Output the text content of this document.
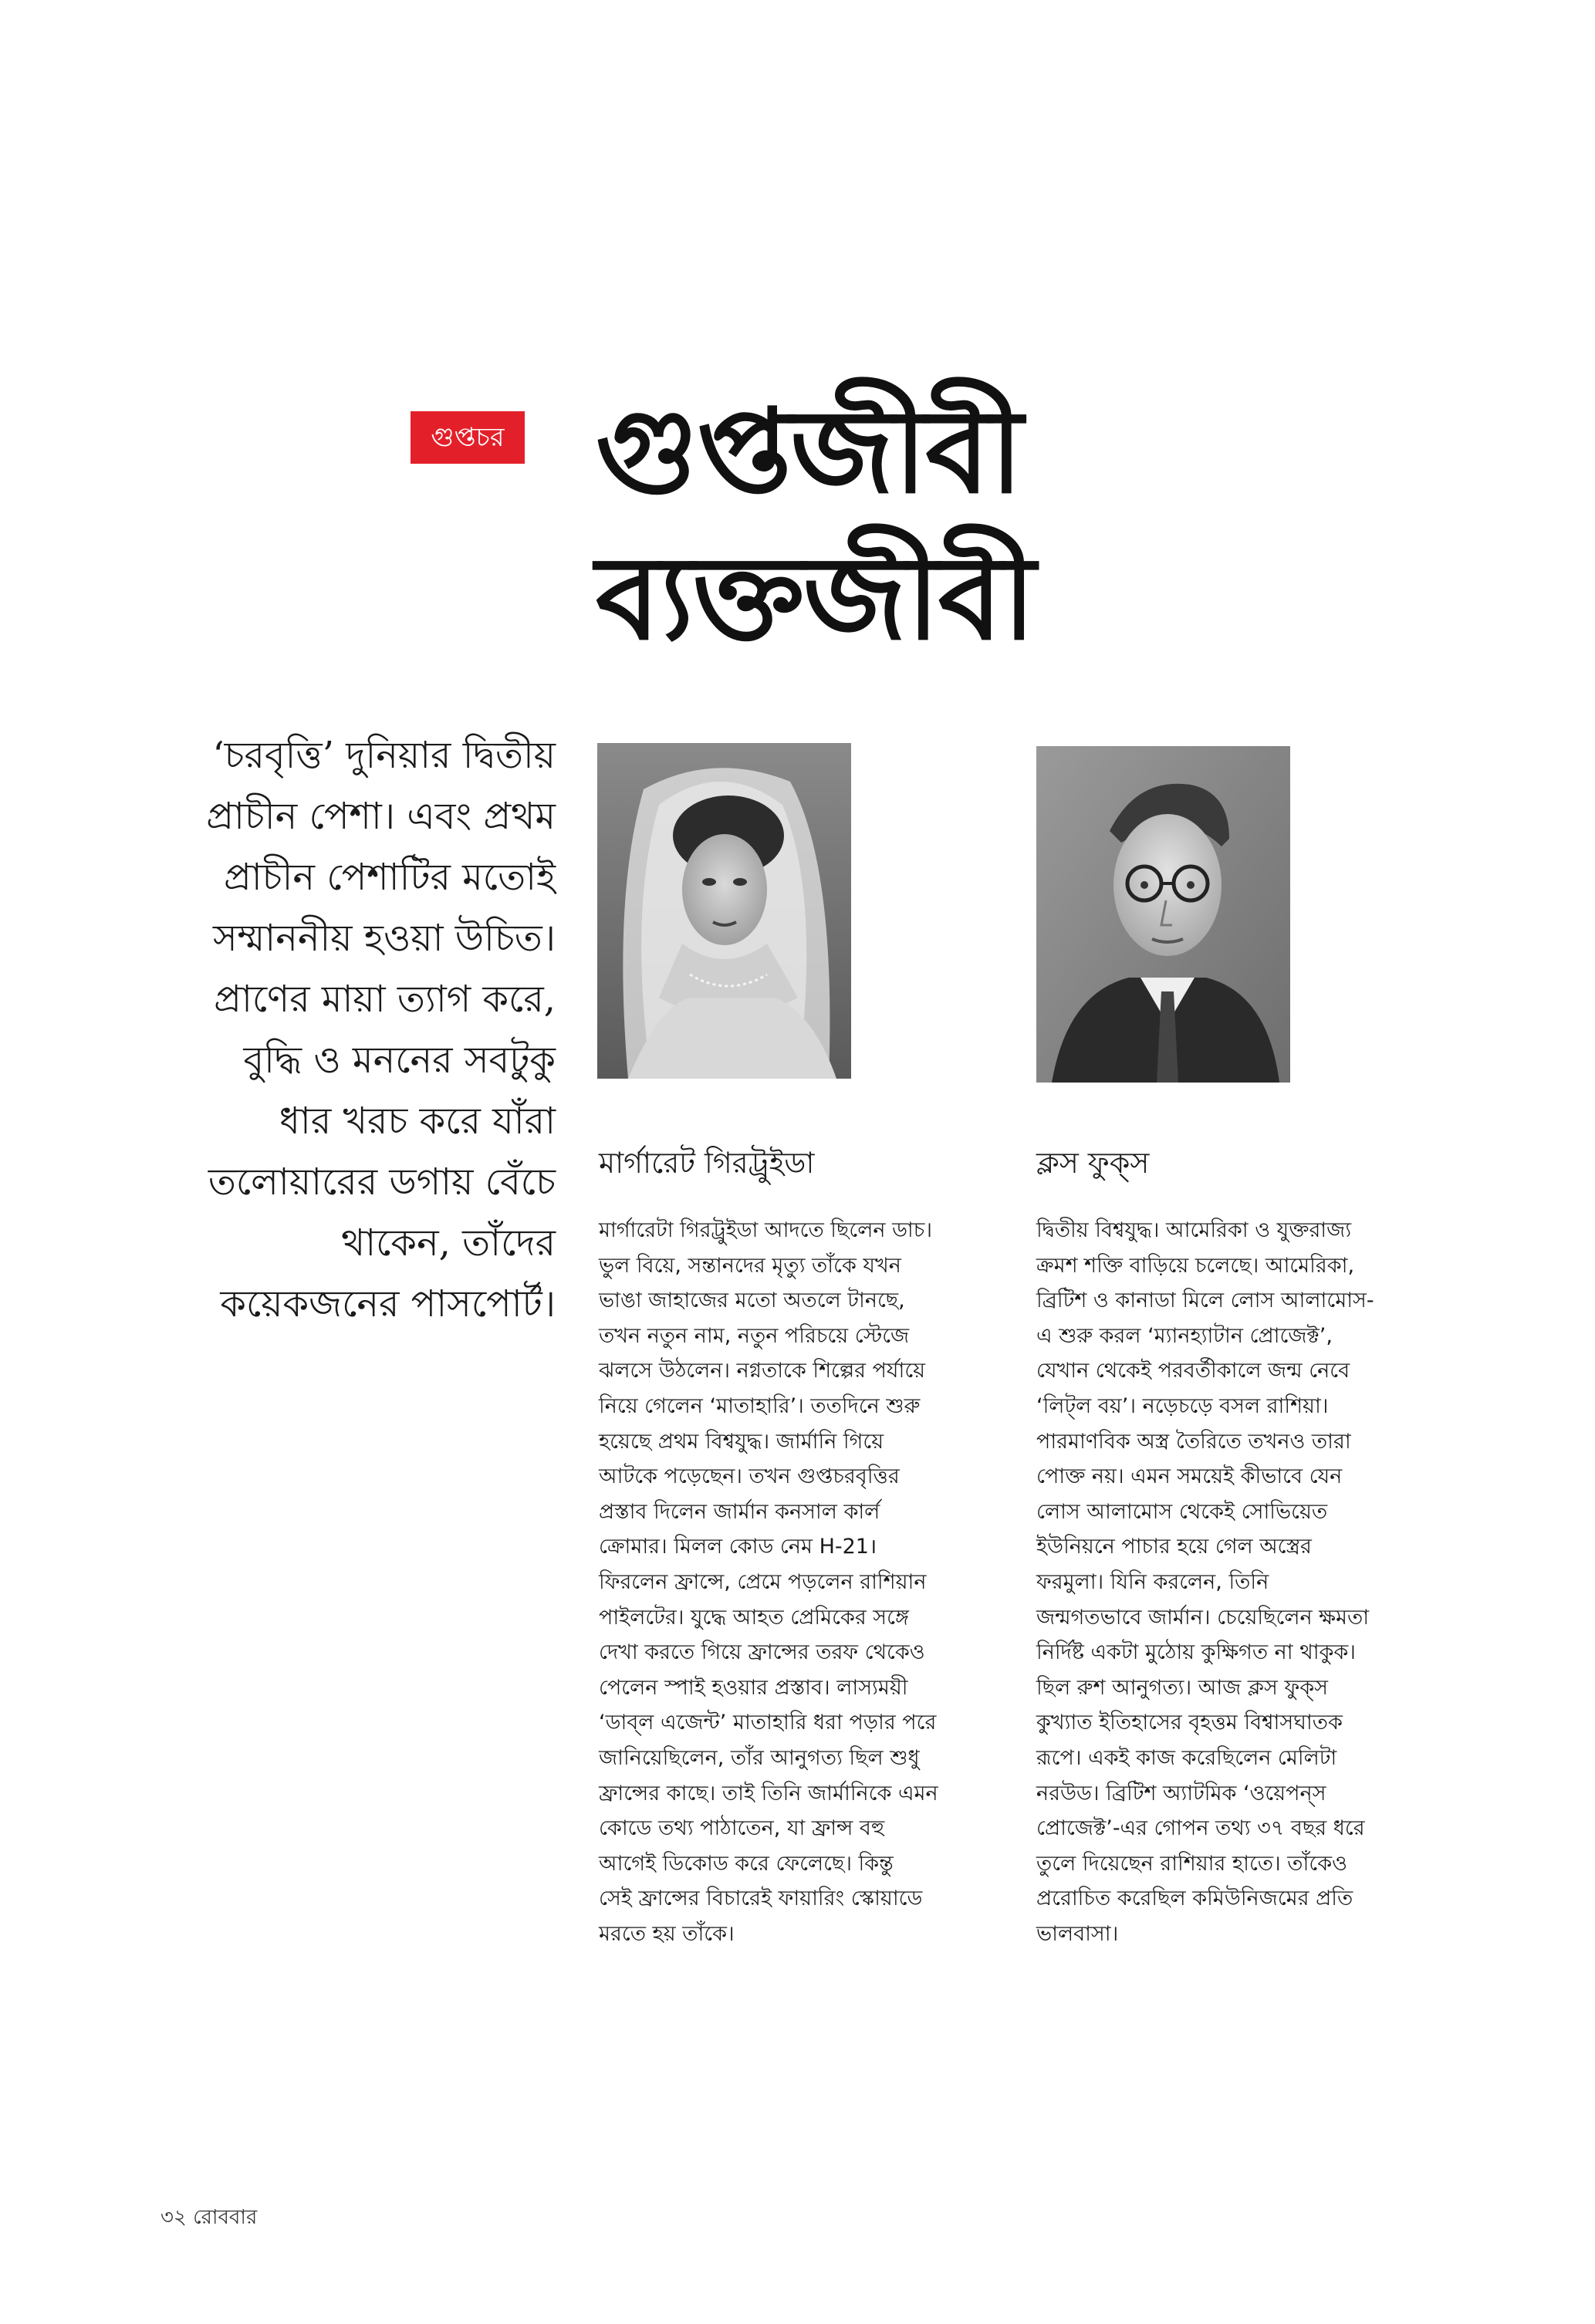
গুপ্তচর গুপ্তজীবী
ব্যক্তজীবী
‘চরবৃত্তি’ দুনিয়ার দ্বিতীয়
প্রাচীন পেশা। এবং প্রথম
প্রাচীন পেশাটির মতোই
সম্মাননীয় হওয়া উচিত।
প্রাণের মায়া ত্যাগ করে,
বুদ্ধি ও মননের সবটুকু
ধার খরচ করে যাঁরা
তলোয়ারের ডগায় বেঁচে
থাকেন, তাঁদের
কয়েকজনের পাসপোর্ট।
মার্গারেট গিরট্রুইডা	ক্লস ফুক্‌স
মার্গারেটা গিরট্রুইডা আদতে ছিলেন ডাচ।
ভুল বিয়ে, সন্তানদের মৃত্যু তাঁকে যখন
ভাঙা জাহাজের মতো অতলে টানছে,
তখন নতুন নাম, নতুন পরিচয়ে স্টেজে
ঝলসে উঠলেন। নগ্নতাকে শিল্পের পর্যায়ে
নিয়ে গেলেন ‘মাতাহারি’। ততদিনে শুরু
হয়েছে প্রথম বিশ্বযুদ্ধ। জার্মানি গিয়ে
আটকে পড়েছেন। তখন গুপ্তচরবৃত্তির
প্রস্তাব দিলেন জার্মান কনসাল কার্ল
ক্রোমার। মিলল কোড নেম H-21।
ফিরলেন ফ্রান্সে, প্রেমে পড়লেন রাশিয়ান
পাইলটের। যুদ্ধে আহত প্রেমিকের সঙ্গে
দেখা করতে গিয়ে ফ্রান্সের তরফ থেকেও
পেলেন স্পাই হওয়ার প্রস্তাব। লাস্যময়ী
‘ডাব্‌ল এজেন্ট’ মাতাহারি ধরা পড়ার পরে
জানিয়েছিলেন, তাঁর আনুগত্য ছিল শুধু
ফ্রান্সের কাছে। তাই তিনি জার্মানিকে এমন
কোডে তথ্য পাঠাতেন, যা ফ্রান্স বহু
আগেই ডিকোড করে ফেলেছে। কিন্তু
সেই ফ্রান্সের বিচারেই ফায়ারিং স্কোয়াডে
মরতে হয় তাঁকে।
দ্বিতীয় বিশ্বযুদ্ধ। আমেরিকা ও যুক্তরাজ্য
ক্রমশ শক্তি বাড়িয়ে চলেছে। আমেরিকা,
ব্রিটিশ ও কানাডা মিলে লোস আলামোস-
এ শুরু করল ‘ম্যানহ্যাটান প্রোজেক্ট’,
যেখান থেকেই পরবর্তীকালে জন্ম নেবে
‘লিট্‌ল বয়’। নড়েচড়ে বসল রাশিয়া।
পারমাণবিক অস্ত্র তৈরিতে তখনও তারা
পোক্ত নয়। এমন সময়েই কীভাবে যেন
লোস আলামোস থেকেই সোভিয়েত
ইউনিয়নে পাচার হয়ে গেল অস্ত্রের
ফরমুলা। যিনি করলেন, তিনি
জন্মগতভাবে জার্মান। চেয়েছিলেন ক্ষমতা
নির্দিষ্ট একটা মুঠোয় কুক্ষিগত না থাকুক।
ছিল রুশ আনুগত্য। আজ ক্লস ফুক্‌স
কুখ্যাত ইতিহাসের বৃহত্তম বিশ্বাসঘাতক
রূপে। একই কাজ করেছিলেন মেলিটা
নরউড। ব্রিটিশ অ্যাটমিক ‘ওয়েপন্‌স
প্রোজেক্ট’-এর গোপন তথ্য ৩৭ বছর ধরে
তুলে দিয়েছেন রাশিয়ার হাতে। তাঁকেও
প্ররোচিত করেছিল কমিউনিজমের প্রতি
ভালবাসা।
৩২ রোববার
